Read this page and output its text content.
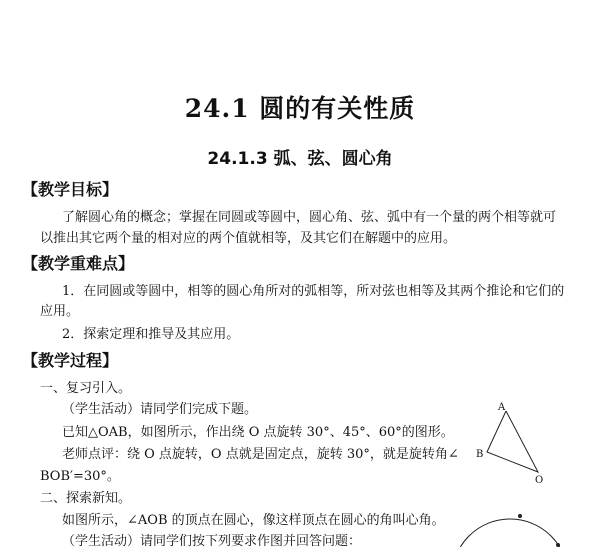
24.1 圆的有关性质
24.1.3 弧、弦、圆心角
【教学目标】
了解圆心角的概念；掌握在同圆或等圆中，圆心角、弦、弧中有一个量的两个相等就可
以推出其它两个量的相对应的两个值就相等，及其它们在解题中的应用。
【教学重难点】
1．在同圆或等圆中，相等的圆心角所对的弧相等，所对弦也相等及其两个推论和它们的
应用。
2．探索定理和推导及其应用。
【教学过程】
一、复习引入。
（学生活动）请同学们完成下题。
已知△OAB，如图所示，作出绕 O 点旋转 30°、45°、60°的图形。
老师点评：绕 O 点旋转，O 点就是固定点，旋转 30°，就是旋转角∠
BOB′=30°。
二、探索新知。
如图所示，∠AOB 的顶点在圆心，像这样顶点在圆心的角叫心角。
（学生活动）请同学们按下列要求作图并回答问题：
A
B
O
